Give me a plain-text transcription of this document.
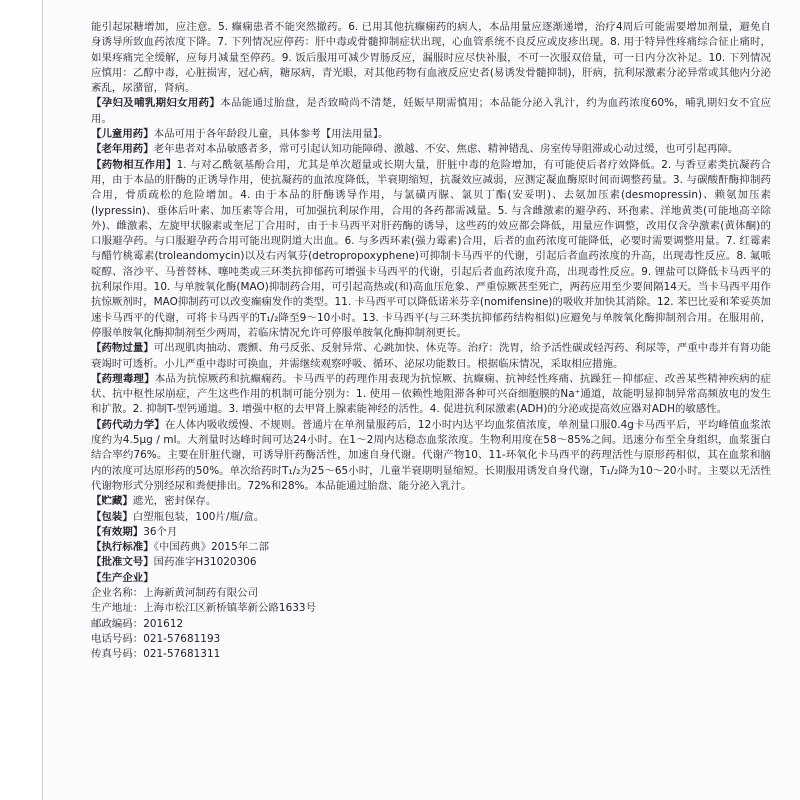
能引起尿糖增加，应注意。5. 癫痫患者不能突然撤药。6. 已用其他抗癫痫药的病人，本品用量应逐渐递增，治疗4周后可能需要增加剂量，避免自身诱导所致血药浓度下降。7. 下列情况应停药：肝中毒或骨髓抑制症状出现，心血管系统不良反应或皮疹出现。8. 用于特异性疼痛综合征止痛时，如果疼痛完全缓解，应每月减量至停药。9. 饭后服用可减少胃肠反应，漏服时应尽快补服，不可一次服双倍量，可一日内分次补足。10. 下列情况应慎用：乙醇中毒，心脏损害，冠心病，糖尿病，青光眼，对其他药物有血液反应史者(易诱发骨髓抑制)，肝病，抗利尿激素分泌异常或其他内分泌紊乱，尿潴留，肾病。

【孕妇及哺乳期妇女用药】本品能通过胎盘，是否致畸尚不清楚，妊娠早期需慎用；本品能分泌入乳汁，约为血药浓度60%，哺乳期妇女不宜应用。

【儿童用药】本品可用于各年龄段儿童，具体参考【用法用量】。

【老年用药】老年患者对本品敏感者多，常可引起认知功能障碍、激越、不安、焦虑、精神错乱、房室传导阻滞或心动过缓，也可引起再障。

【药物相互作用】1. 与对乙酰氨基酚合用，尤其是单次超量或长期大量，肝脏中毒的危险增加，有可能使后者疗效降低。2. 与香豆素类抗凝药合用，由于本品的肝酶的正诱导作用，使抗凝药的血浓度降低，半衰期缩短，抗凝效应减弱，应测定凝血酶原时间而调整药量。3. 与碳酸酐酶抑制药合用，骨质疏松的危险增加。4. 由于本品的肝酶诱导作用，与氯磺丙脲、氯贝丁酯(安妥明)、去氨加压素(desmopressin)、赖氨加压素(lypressin)、垂体后叶素、加压素等合用，可加强抗利尿作用，合用的各药都需减量。5. 与含雌激素的避孕药、环孢素、洋地黄类(可能地高辛除外)、雌激素、左旋甲状腺素或奎尼丁合用时，由于卡马西平对肝药酶的诱导，这些药的效应都会降低，用量应作调整，改用仅含孕激素(黄体酮)的口服避孕药。与口服避孕药合用可能出现阴道大出血。6. 与多西环素(强力霉素)合用，后者的血药浓度可能降低，必要时需要调整用量。7. 红霉素与醋竹桃霉素(troleandomycin)以及右丙氧芬(detropropoxyphene)可抑制卡马西平的代谢，引起后者血药浓度的升高，出现毒性反应。8. 氟哌啶醇、洛沙平、马普替林、噻吨类或三环类抗抑郁药可增强卡马西平的代谢，引起后者血药浓度升高，出现毒性反应。9. 锂盐可以降低卡马西平的抗利尿作用。10. 与单胺氧化酶(MAO)抑制药合用，可引起高热或(和)高血压危象、严重惊厥甚至死亡，两药应用至少要间隔14天。当卡马西平用作抗惊厥剂时，MAO抑制药可以改变癫痫发作的类型。11. 卡马西平可以降低诺米芬辛(nomifensine)的吸收并加快其消除。12. 苯巴比妥和苯妥英加速卡马西平的代谢，可将卡马西平的T₁/₂降至9～10小时。13. 卡马西平(与三环类抗抑郁药结构相似)应避免与单胺氧化酶抑制剂合用。在服用前，停服单胺氧化酶抑制剂至少两周，若临床情况允许可停服单胺氧化酶抑制剂更长。

【药物过量】可出现肌肉抽动、震颤、角弓反张、反射异常、心跳加快、休克等。治疗：洗胃，给予活性碳或轻泻药、利尿等，严重中毒并有肾功能衰竭时可透析。小儿严重中毒时可换血，并需继续观察呼吸、循环、泌尿功能数日。根据临床情况，采取相应措施。

【药理毒理】本品为抗惊厥药和抗癫痫药。卡马西平的药理作用表现为抗惊厥、抗癫痫、抗神经性疼痛、抗躁狂－抑郁症、改善某些精神疾病的症状、抗中枢性尿崩症，产生这些作用的机制可能分别为：1. 使用－依赖性地阻滞各种可兴奋细胞膜的Na⁺通道，故能明显抑制异常高频放电的发生和扩散。2. 抑制T-型钙通道。3. 增强中枢的去甲肾上腺素能神经的活性。4. 促进抗利尿激素(ADH)的分泌或提高效应器对ADH的敏感性。

【药代动力学】在人体内吸收缓慢、不规则。普通片在单剂量服药后，12小时内达平均血浆值浓度，单剂量口服0.4g卡马西平后，平均峰值血浆浓度约为4.5μg / ml。大剂量时达峰时间可达24小时。在1～2周内达稳态血浆浓度。生物利用度在58～85%之间。迅速分布至全身组织，血浆蛋白结合率约76%。主要在肝脏代谢，可诱导肝药酶活性，加速自身代谢。代谢产物10、11-环氧化卡马西平的药理活性与原形药相似，其在血浆和脑内的浓度可达原形药的50%。单次给药时T₁/₂为25～65小时，儿童半衰期明显缩短。长期服用诱发自身代谢，T₁/₂降为10～20小时。主要以无活性代谢物形式分别经尿和粪便排出。72%和28%。本品能通过胎盘、能分泌入乳汁。

【贮藏】遮光，密封保存。

【包装】白塑瓶包装，100片/瓶/盒。

【有效期】36个月

【执行标准】《中国药典》2015年二部

【批准文号】国药准字H31020306

【生产企业】

企业名称：上海新黄河制药有限公司

生产地址：上海市松江区新桥镇莘新公路1633号

邮政编码：201612

电话号码：021-57681193

传真号码：021-57681311
